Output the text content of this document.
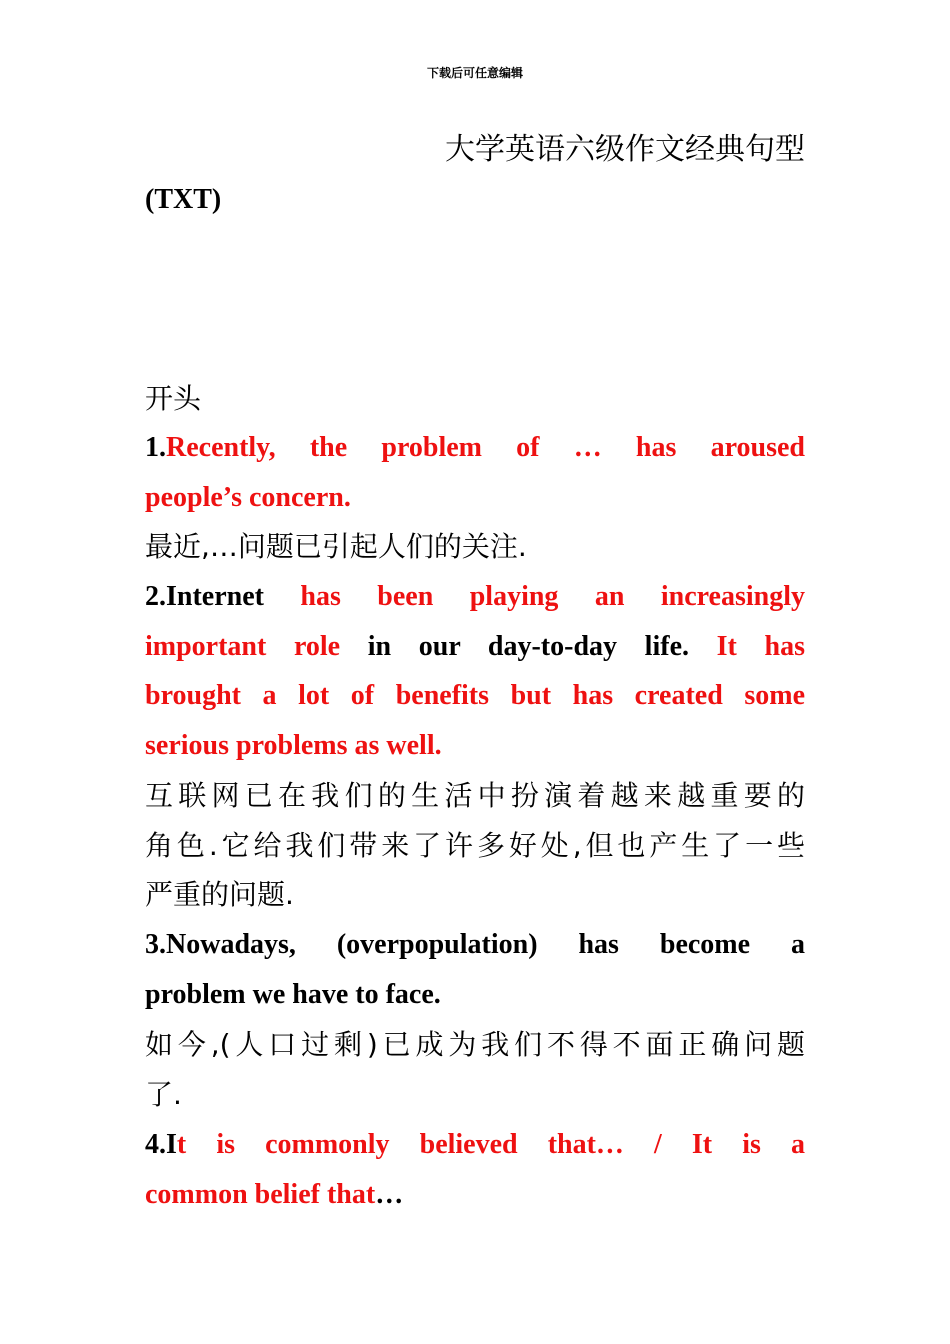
下载后可任意编辑
大学英语六级作文经典句型
(TXT)
开头
1.Recently, the problem of … has aroused
people’s concern.
最近,…问题已引起人们的关注.
2.Internet has been playing an increasingly
important role in our day-to-day life. It has
brought a lot of benefits but has created some
serious problems as well.
互联网已在我们的生活中扮演着越来越重要的
角色.它给我们带来了许多好处,但也产生了一些
严重的问题.
3.Nowadays, (overpopulation) has become a
problem we have to face.
如今,(人口过剩)已成为我们不得不面正确问题
了.
4.It is commonly believed that… / It is a
common belief that…
